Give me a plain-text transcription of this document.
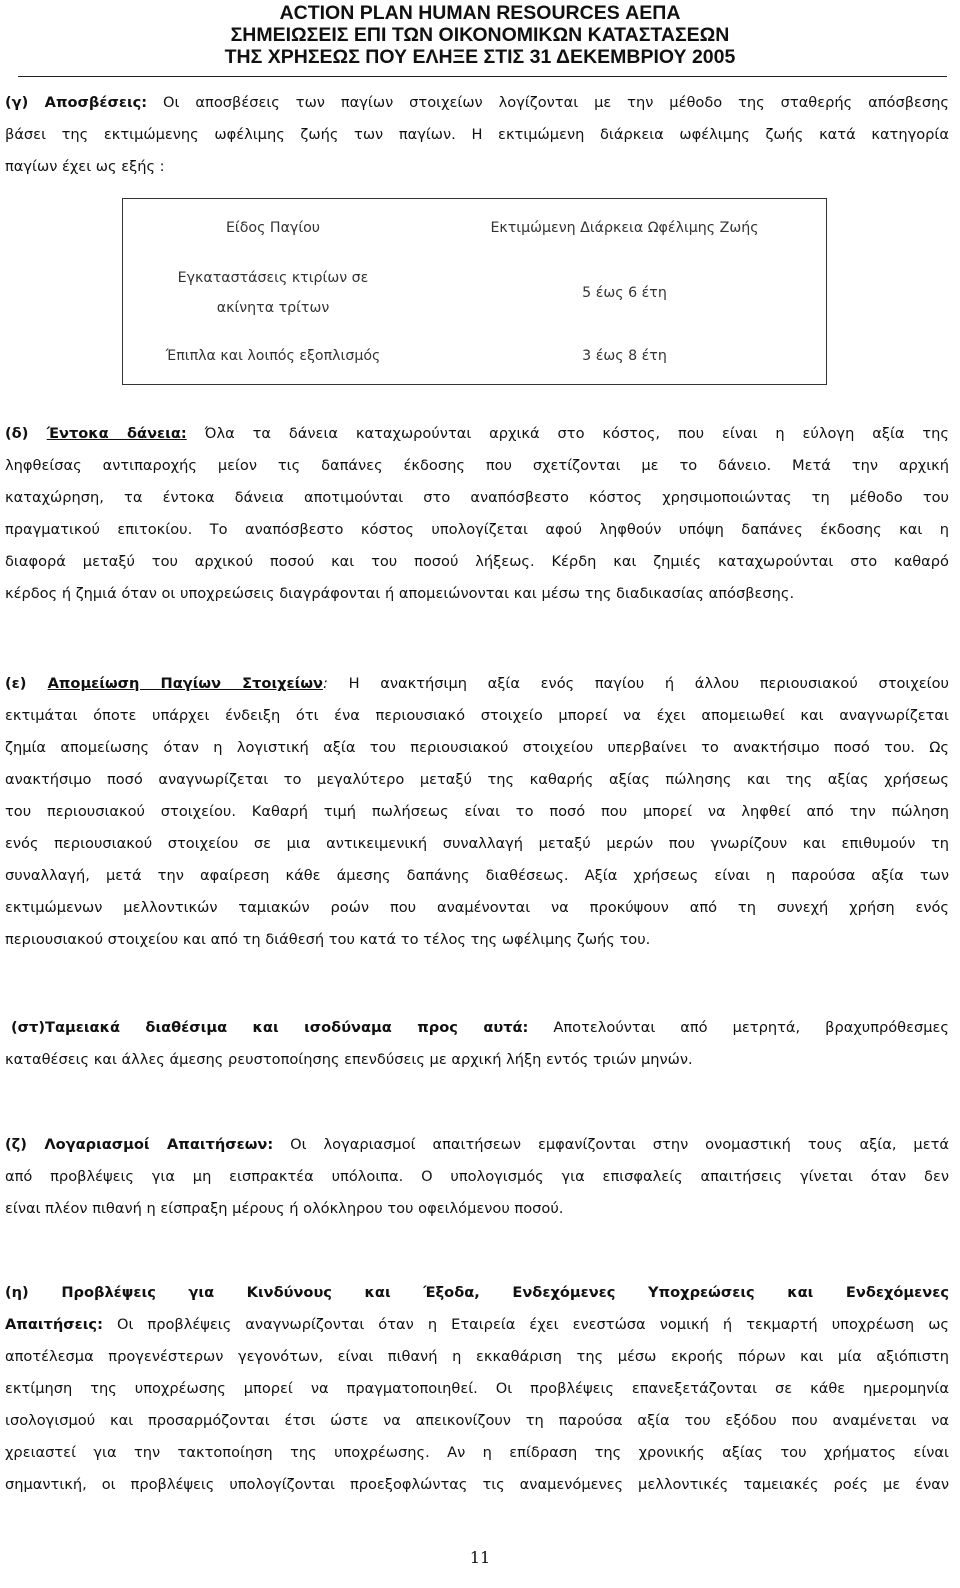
ACTION PLAN HUMAN RESOURCES ΑΕΠΑ
ΣΗΜΕΙΩΣΕΙΣ ΕΠΙ ΤΩΝ ΟΙΚΟΝΟΜΙΚΩΝ ΚΑΤΑΣΤΑΣΕΩΝ
ΤΗΣ ΧΡΗΣΕΩΣ ΠΟΥ ΕΛΗΞΕ ΣΤΙΣ 31 ΔΕΚΕΜΒΡΙΟΥ 2005
(γ) Αποσβέσεις: Οι αποσβέσεις των παγίων στοιχείων λογίζονται με την μέθοδο της σταθερής απόσβεσης
βάσει της εκτιμώμενης ωφέλιμης ζωής των παγίων. Η εκτιμώμενη διάρκεια ωφέλιμης ζωής κατά κατηγορία
παγίων έχει ως εξής :
Είδος Παγίου	Εκτιμώμενη Διάρκεια Ωφέλιμης Ζωής

Εγκαταστάσεις κτιρίων σε
ακίνητα τρίτων	5 έως 6 έτη
Έπιπλα και λοιπός εξοπλισμός	3 έως 8 έτη
(δ) Έντοκα δάνεια: Όλα τα δάνεια καταχωρούνται αρχικά στο κόστος, που είναι η εύλογη αξία της
ληφθείσας αντιπαροχής μείον τις δαπάνες έκδοσης που σχετίζονται με το δάνειο. Μετά την αρχική
καταχώρηση, τα έντοκα δάνεια αποτιμούνται στο αναπόσβεστο κόστος χρησιμοποιώντας τη μέθοδο του
πραγματικού επιτοκίου. Το αναπόσβεστο κόστος υπολογίζεται αφού ληφθούν υπόψη δαπάνες έκδοσης και η
διαφορά μεταξύ του αρχικού ποσού και του ποσού λήξεως. Κέρδη και ζημιές καταχωρούνται στο καθαρό
κέρδος ή ζημιά όταν οι υποχρεώσεις διαγράφονται ή απομειώνονται και μέσω της διαδικασίας απόσβεσης.
(ε) Απομείωση Παγίων Στοιχείων: Η ανακτήσιμη αξία ενός παγίου ή άλλου περιουσιακού στοιχείου
εκτιμάται όποτε υπάρχει ένδειξη ότι ένα περιουσιακό στοιχείο μπορεί να έχει απομειωθεί και αναγνωρίζεται
ζημία απομείωσης όταν η λογιστική αξία του περιουσιακού στοιχείου υπερβαίνει το ανακτήσιμο ποσό του. Ως
ανακτήσιμο ποσό αναγνωρίζεται το μεγαλύτερο μεταξύ της καθαρής αξίας πώλησης και της αξίας χρήσεως
του περιουσιακού στοιχείου. Καθαρή τιμή πωλήσεως είναι το ποσό που μπορεί να ληφθεί από την πώληση
ενός περιουσιακού στοιχείου σε μια αντικειμενική συναλλαγή μεταξύ μερών που γνωρίζουν και επιθυμούν τη
συναλλαγή, μετά την αφαίρεση κάθε άμεσης δαπάνης διαθέσεως. Αξία χρήσεως είναι η παρούσα αξία των
εκτιμώμενων μελλοντικών ταμιακών ροών που αναμένονται να προκύψουν από τη συνεχή χρήση ενός
περιουσιακού στοιχείου και από τη διάθεσή του κατά το τέλος της ωφέλιμης ζωής του.
(στ)Ταμειακά διαθέσιμα και ισοδύναμα προς αυτά: Αποτελούνται από μετρητά, βραχυπρόθεσμες
καταθέσεις και άλλες άμεσης ρευστοποίησης επενδύσεις με αρχική λήξη εντός τριών μηνών.
(ζ) Λογαριασμοί Απαιτήσεων: Οι λογαριασμοί απαιτήσεων εμφανίζονται στην ονομαστική τους αξία, μετά
από προβλέψεις για μη εισπρακτέα υπόλοιπα. Ο υπολογισμός για επισφαλείς απαιτήσεις γίνεται όταν δεν
είναι πλέον πιθανή η είσπραξη μέρους ή ολόκληρου του οφειλόμενου ποσού.
(η) Προβλέψεις για Κινδύνους και Έξοδα, Ενδεχόμενες Υποχρεώσεις και Ενδεχόμενες
Απαιτήσεις: Οι προβλέψεις αναγνωρίζονται όταν η Εταιρεία έχει ενεστώσα νομική ή τεκμαρτή υποχρέωση ως
αποτέλεσμα προγενέστερων γεγονότων, είναι πιθανή η εκκαθάριση της μέσω εκροής πόρων και μία αξιόπιστη
εκτίμηση της υποχρέωσης μπορεί να πραγματοποιηθεί. Οι προβλέψεις επανεξετάζονται σε κάθε ημερομηνία
ισολογισμού και προσαρμόζονται έτσι ώστε να απεικονίζουν τη παρούσα αξία του εξόδου που αναμένεται να
χρειαστεί για την τακτοποίηση της υποχρέωσης. Αν η επίδραση της χρονικής αξίας του χρήματος είναι
σημαντική, οι προβλέψεις υπολογίζονται προεξοφλώντας τις αναμενόμενες μελλοντικές ταμειακές ροές με έναν
11
